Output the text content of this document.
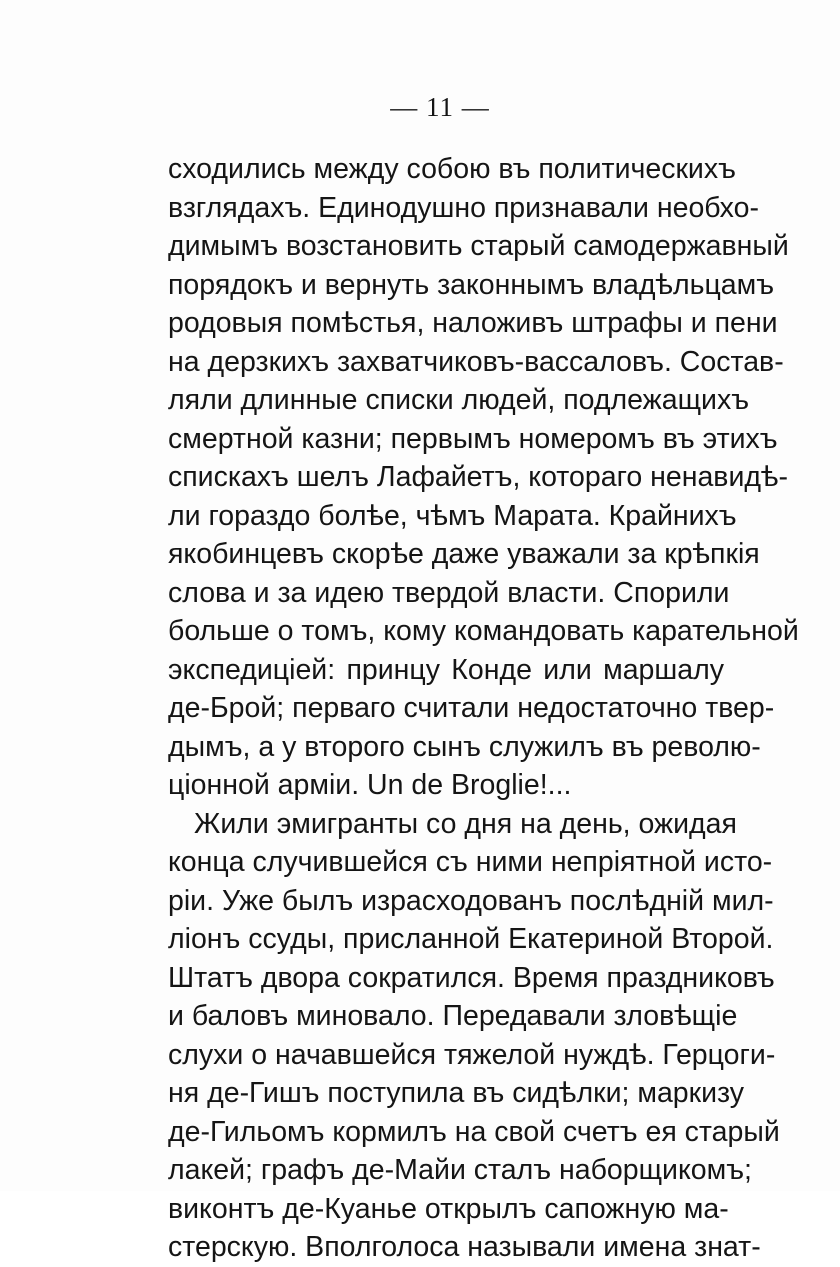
— 11 —
сходились между собою въ политическихъ
взглядахъ. Единодушно признавали необхо-
димымъ возстановить старый самодержавный
порядокъ и вернуть законнымъ владѣльцамъ
родовыя помѣстья, наложивъ штрафы и пени
на дерзкихъ захватчиковъ-вассаловъ. Состав-
ляли длинные списки людей, подлежащихъ
смертной казни; первымъ номеромъ въ этихъ
спискахъ шелъ Лафайетъ, котораго ненавидѣ-
ли гораздо болѣе, чѣмъ Марата. Крайнихъ
якобинцевъ скорѣе даже уважали за крѣпкія
слова и за идею твердой власти. Спорили
больше о томъ, кому командовать карательной
экспедиціей: принцу Конде или маршалу
де-Брой; перваго считали недостаточно твер-
дымъ, а у второго сынъ служилъ въ револю-
ціонной арміи. Un de Broglie!...
Жили эмигранты со дня на день, ожидая
конца случившейся съ ними непріятной исто-
ріи. Уже былъ израсходованъ послѣдній мил-
ліонъ ссуды, присланной Екатериной Второй.
Штатъ двора сократился. Время праздниковъ
и баловъ миновало. Передавали зловѣщіе
слухи о начавшейся тяжелой нуждѣ. Герцоги-
ня де-Гишъ поступила въ сидѣлки; маркизу
де-Гильомъ кормилъ на свой счетъ ея старый
лакей; графъ де-Майи сталъ наборщикомъ;
виконтъ де-Куанье открылъ сапожную ма-
стерскую. Вполголоса называли имена знат-
